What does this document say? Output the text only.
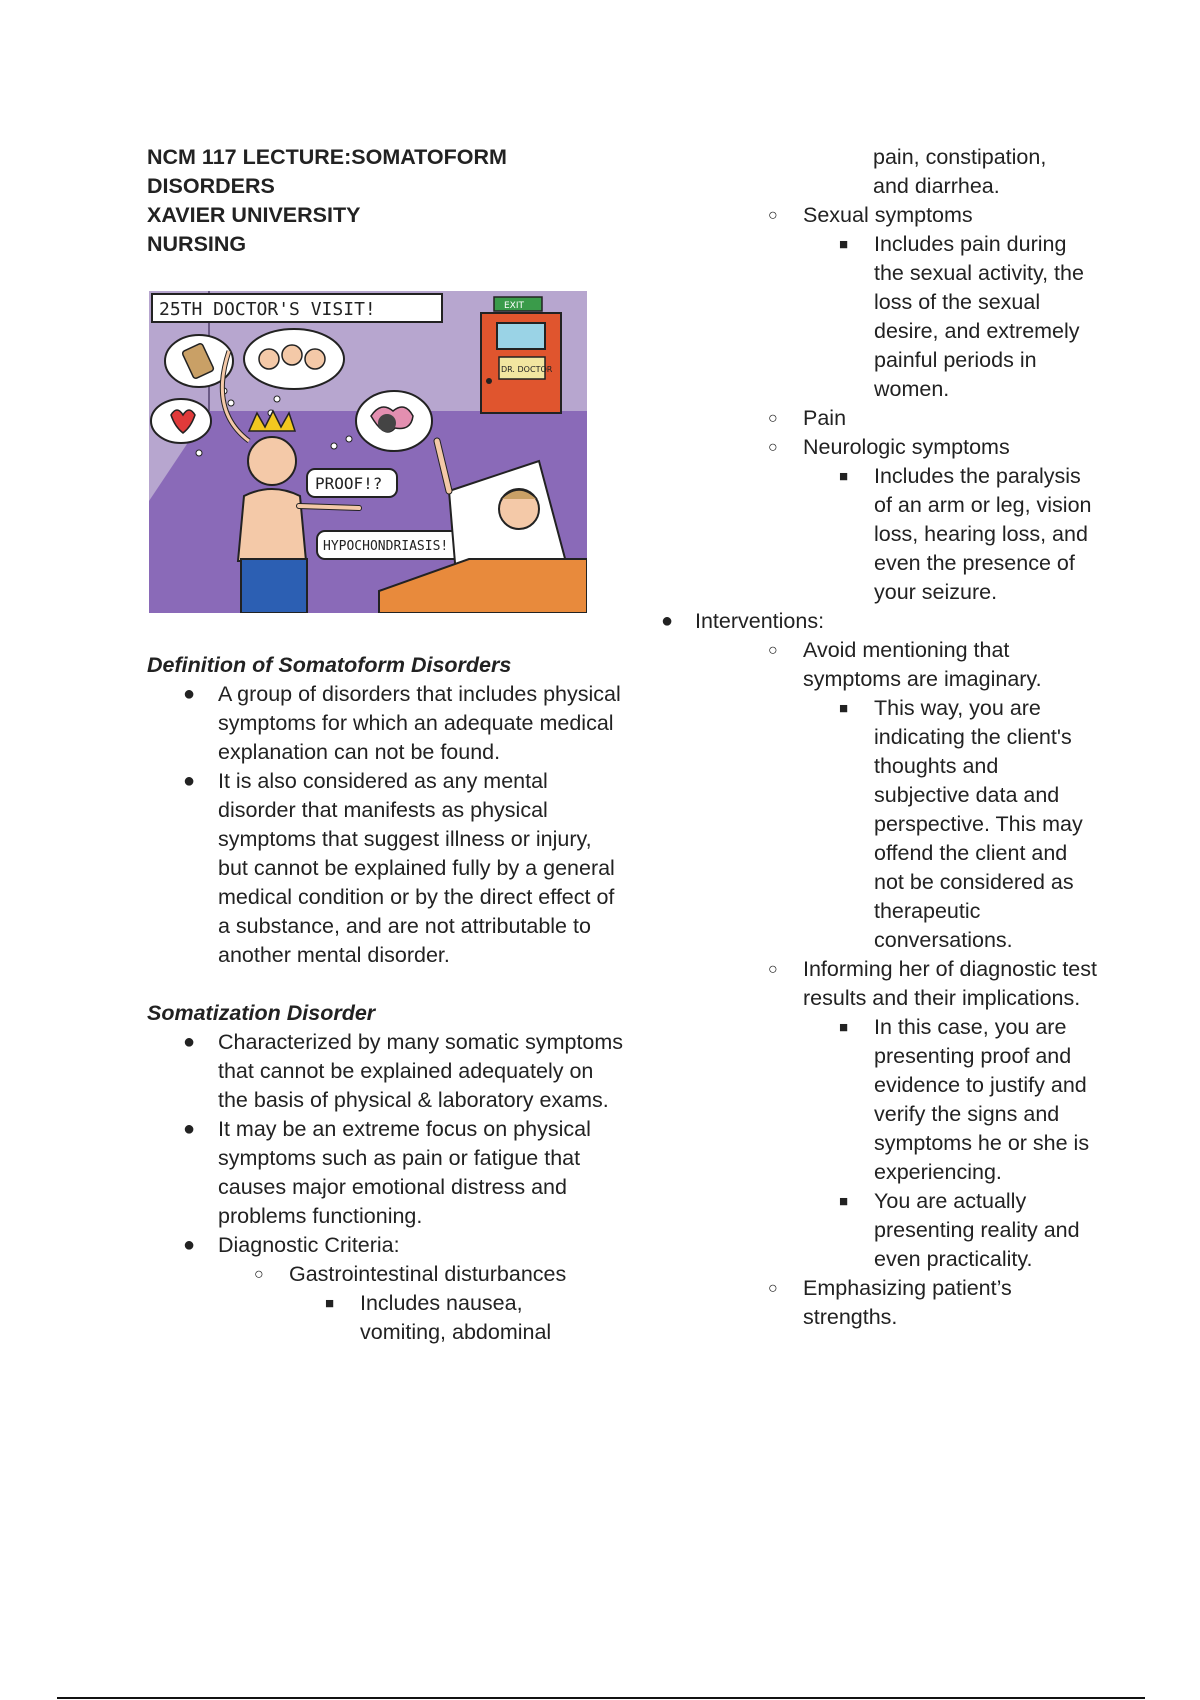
NCM 117 LECTURE:SOMATOFORM
DISORDERS
XAVIER UNIVERSITY
NURSING

25TH DOCTOR'S VISIT!
DR. DOCTOR
EXIT
PROOF!?
HYPOCHONDRIASIS!

Definition of Somatoform Disorders

●	A group of disorders that includes physical symptoms for which an adequate medical explanation can not be found.
●	It is also considered as any mental disorder that manifests as physical symptoms that suggest illness or injury, but cannot be explained fully by a general medical condition or by the direct effect of a substance, and are not attributable to another mental disorder.

Somatization Disorder

●	Characterized by many somatic symptoms that cannot be explained adequately on the basis of physical & laboratory exams.
●	It may be an extreme focus on physical symptoms such as pain or fatigue that causes major emotional distress and problems functioning.
●	Diagnostic Criteria:
○	Gastrointestinal disturbances
■	Includes nausea, vomiting, abdominal
pain, constipation, and diarrhea.
○	Sexual symptoms
■	Includes pain during the sexual activity, the loss of the sexual desire, and extremely painful periods in women.
○	Pain
○	Neurologic symptoms
■	Includes the paralysis of an arm or leg, vision loss, hearing loss, and even the presence of your seizure.
●	Interventions:
○	Avoid mentioning that symptoms are imaginary.
■	This way, you are indicating the client's thoughts and subjective data and perspective. This may offend the client and not be considered as therapeutic conversations.
○	Informing her of diagnostic test results and their implications.
■	In this case, you are presenting proof and evidence to justify and verify the signs and symptoms he or she is experiencing.
■	You are actually presenting reality and even practicality.
○	Emphasizing patient’s strengths.
